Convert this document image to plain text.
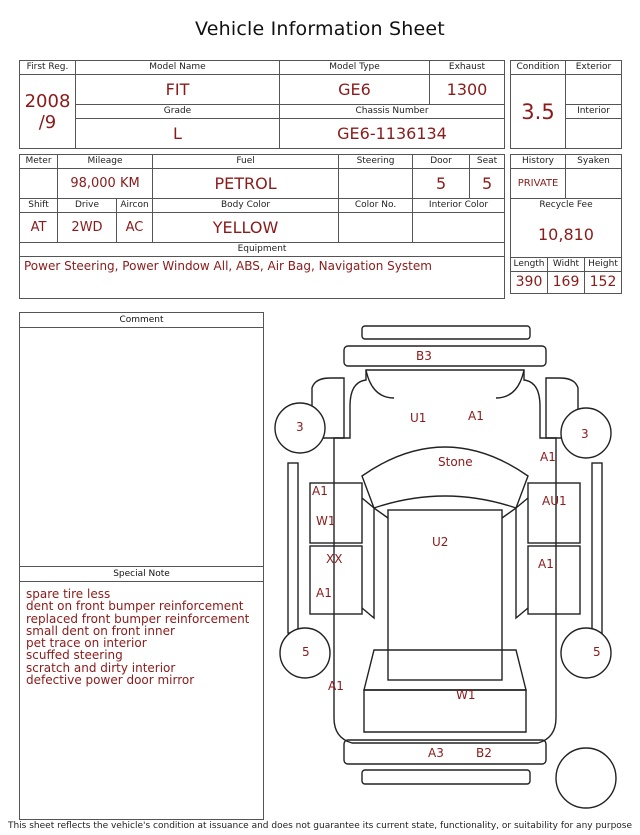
Vehicle Information Sheet
First Reg.	Model Name	Model Type	Exhaust

2008
/9	FIT	GE6	1300
	Grade	Chassis Number	
	L	GE6-1136134	
Condition	Exterior
3.5	
	Interior

Meter	Mileage		Fuel	Steering	Door	Seat
	98,000 KM		PETROL		5	5
Shift	Drive	Aircon	Body Color	Color No.	Interior Color	
AT	2WD	AC	YELLOW			
Equipment						
Power Steering, Power Window All, ABS, Air Bag, Navigation System						
History		Syaken	
PRIVATE			
Recycle Fee			
10,810			
Length	Widht		Height
390	169		152
Comment
Special Note
spare tire less
dent on front bumper reinforcement
replaced front bumper reinforcement
small dent on front inner
pet trace on interior
scuffed steering
scratch and dirty interior
defective power door mirror
B3
U1	A1
Stone
A1
A1
W1
AU1
U2
XX
A1
A1
A1
W1
A3	B2
3	3
5	5
This sheet reflects the vehicle's condition at issuance and does not guarantee its current state, functionality, or suitability for any purpose
